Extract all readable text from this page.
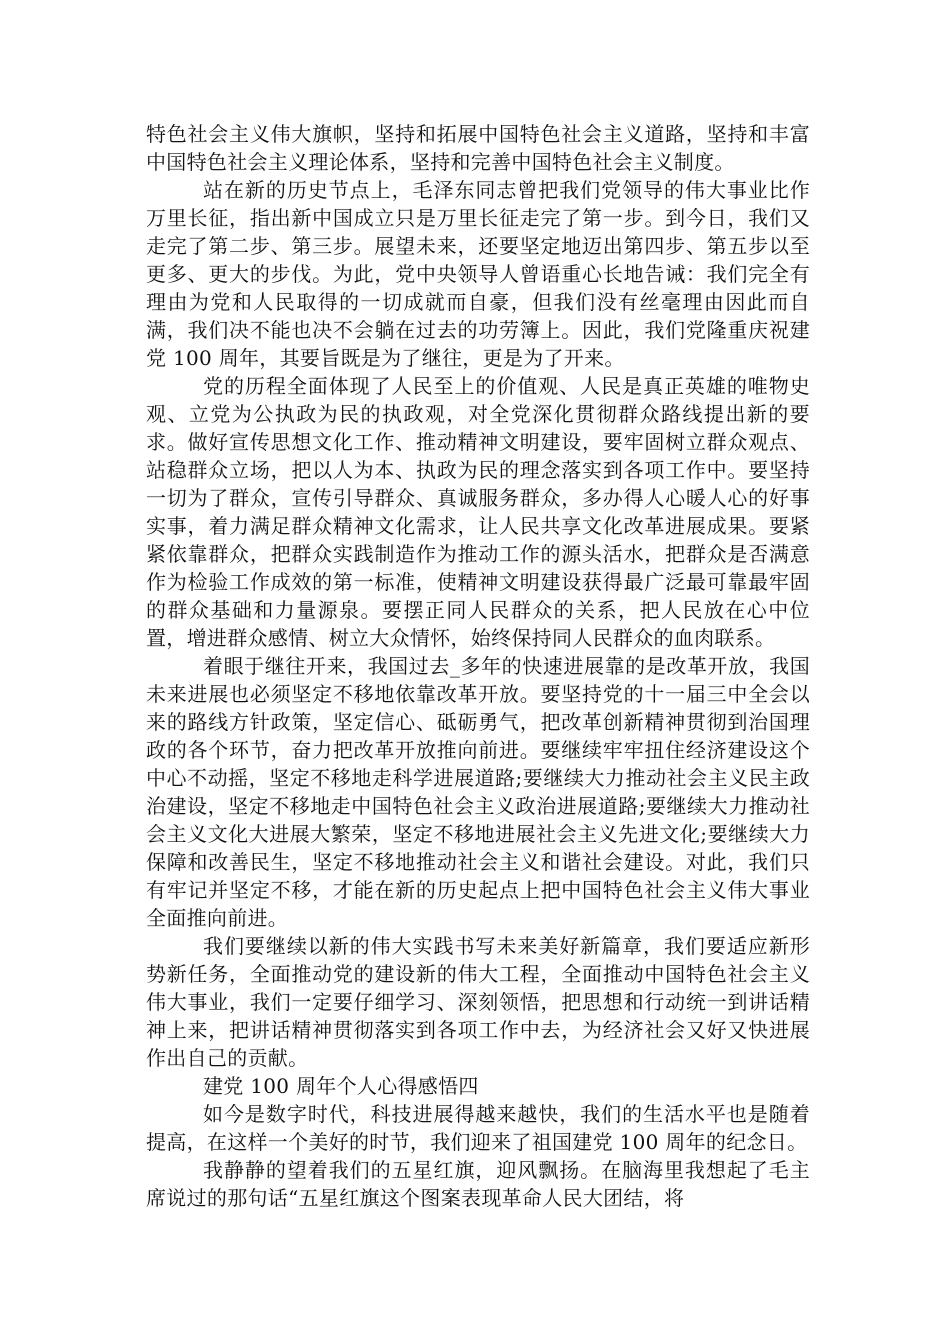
特色社会主义伟大旗帜，坚持和拓展中国特色社会主义道路，坚持和丰富中国特色社会主义理论体系，坚持和完善中国特色社会主义制度。

站在新的历史节点上，毛泽东同志曾把我们党领导的伟大事业比作万里长征，指出新中国成立只是万里长征走完了第一步。到今日，我们又走完了第二步、第三步。展望未来，还要坚定地迈出第四步、第五步以至更多、更大的步伐。为此，党中央领导人曾语重心长地告诫：我们完全有理由为党和人民取得的一切成就而自豪，但我们没有丝毫理由因此而自满，我们决不能也决不会躺在过去的功劳簿上。因此，我们党隆重庆祝建党 100 周年，其要旨既是为了继往，更是为了开来。

党的历程全面体现了人民至上的价值观、人民是真正英雄的唯物史观、立党为公执政为民的执政观，对全党深化贯彻群众路线提出新的要求。做好宣传思想文化工作、推动精神文明建设，要牢固树立群众观点、站稳群众立场，把以人为本、执政为民的理念落实到各项工作中。要坚持一切为了群众，宣传引导群众、真诚服务群众，多办得人心暖人心的好事实事，着力满足群众精神文化需求，让人民共享文化改革进展成果。要紧紧依靠群众，把群众实践制造作为推动工作的源头活水，把群众是否满意作为检验工作成效的第一标准，使精神文明建设获得最广泛最可靠最牢固的群众基础和力量源泉。要摆正同人民群众的关系，把人民放在心中位置，增进群众感情、树立大众情怀，始终保持同人民群众的血肉联系。

着眼于继往开来，我国过去_多年的快速进展靠的是改革开放，我国未来进展也必须坚定不移地依靠改革开放。要坚持党的十一届三中全会以来的路线方针政策，坚定信心、砥砺勇气，把改革创新精神贯彻到治国理政的各个环节，奋力把改革开放推向前进。要继续牢牢扭住经济建设这个中心不动摇，坚定不移地走科学进展道路;要继续大力推动社会主义民主政治建设，坚定不移地走中国特色社会主义政治进展道路;要继续大力推动社会主义文化大进展大繁荣，坚定不移地进展社会主义先进文化;要继续大力保障和改善民生，坚定不移地推动社会主义和谐社会建设。对此，我们只有牢记并坚定不移，才能在新的历史起点上把中国特色社会主义伟大事业全面推向前进。

我们要继续以新的伟大实践书写未来美好新篇章，我们要适应新形势新任务，全面推动党的建设新的伟大工程，全面推动中国特色社会主义伟大事业，我们一定要仔细学习、深刻领悟，把思想和行动统一到讲话精神上来，把讲话精神贯彻落实到各项工作中去，为经济社会又好又快进展作出自己的贡献。

建党 100 周年个人心得感悟四

如今是数字时代，科技进展得越来越快，我们的生活水平也是随着提高，在这样一个美好的时节，我们迎来了祖国建党 100 周年的纪念日。

我静静的望着我们的五星红旗，迎风飘扬。在脑海里我想起了毛主席说过的那句话“五星红旗这个图案表现革命人民大团结，将
